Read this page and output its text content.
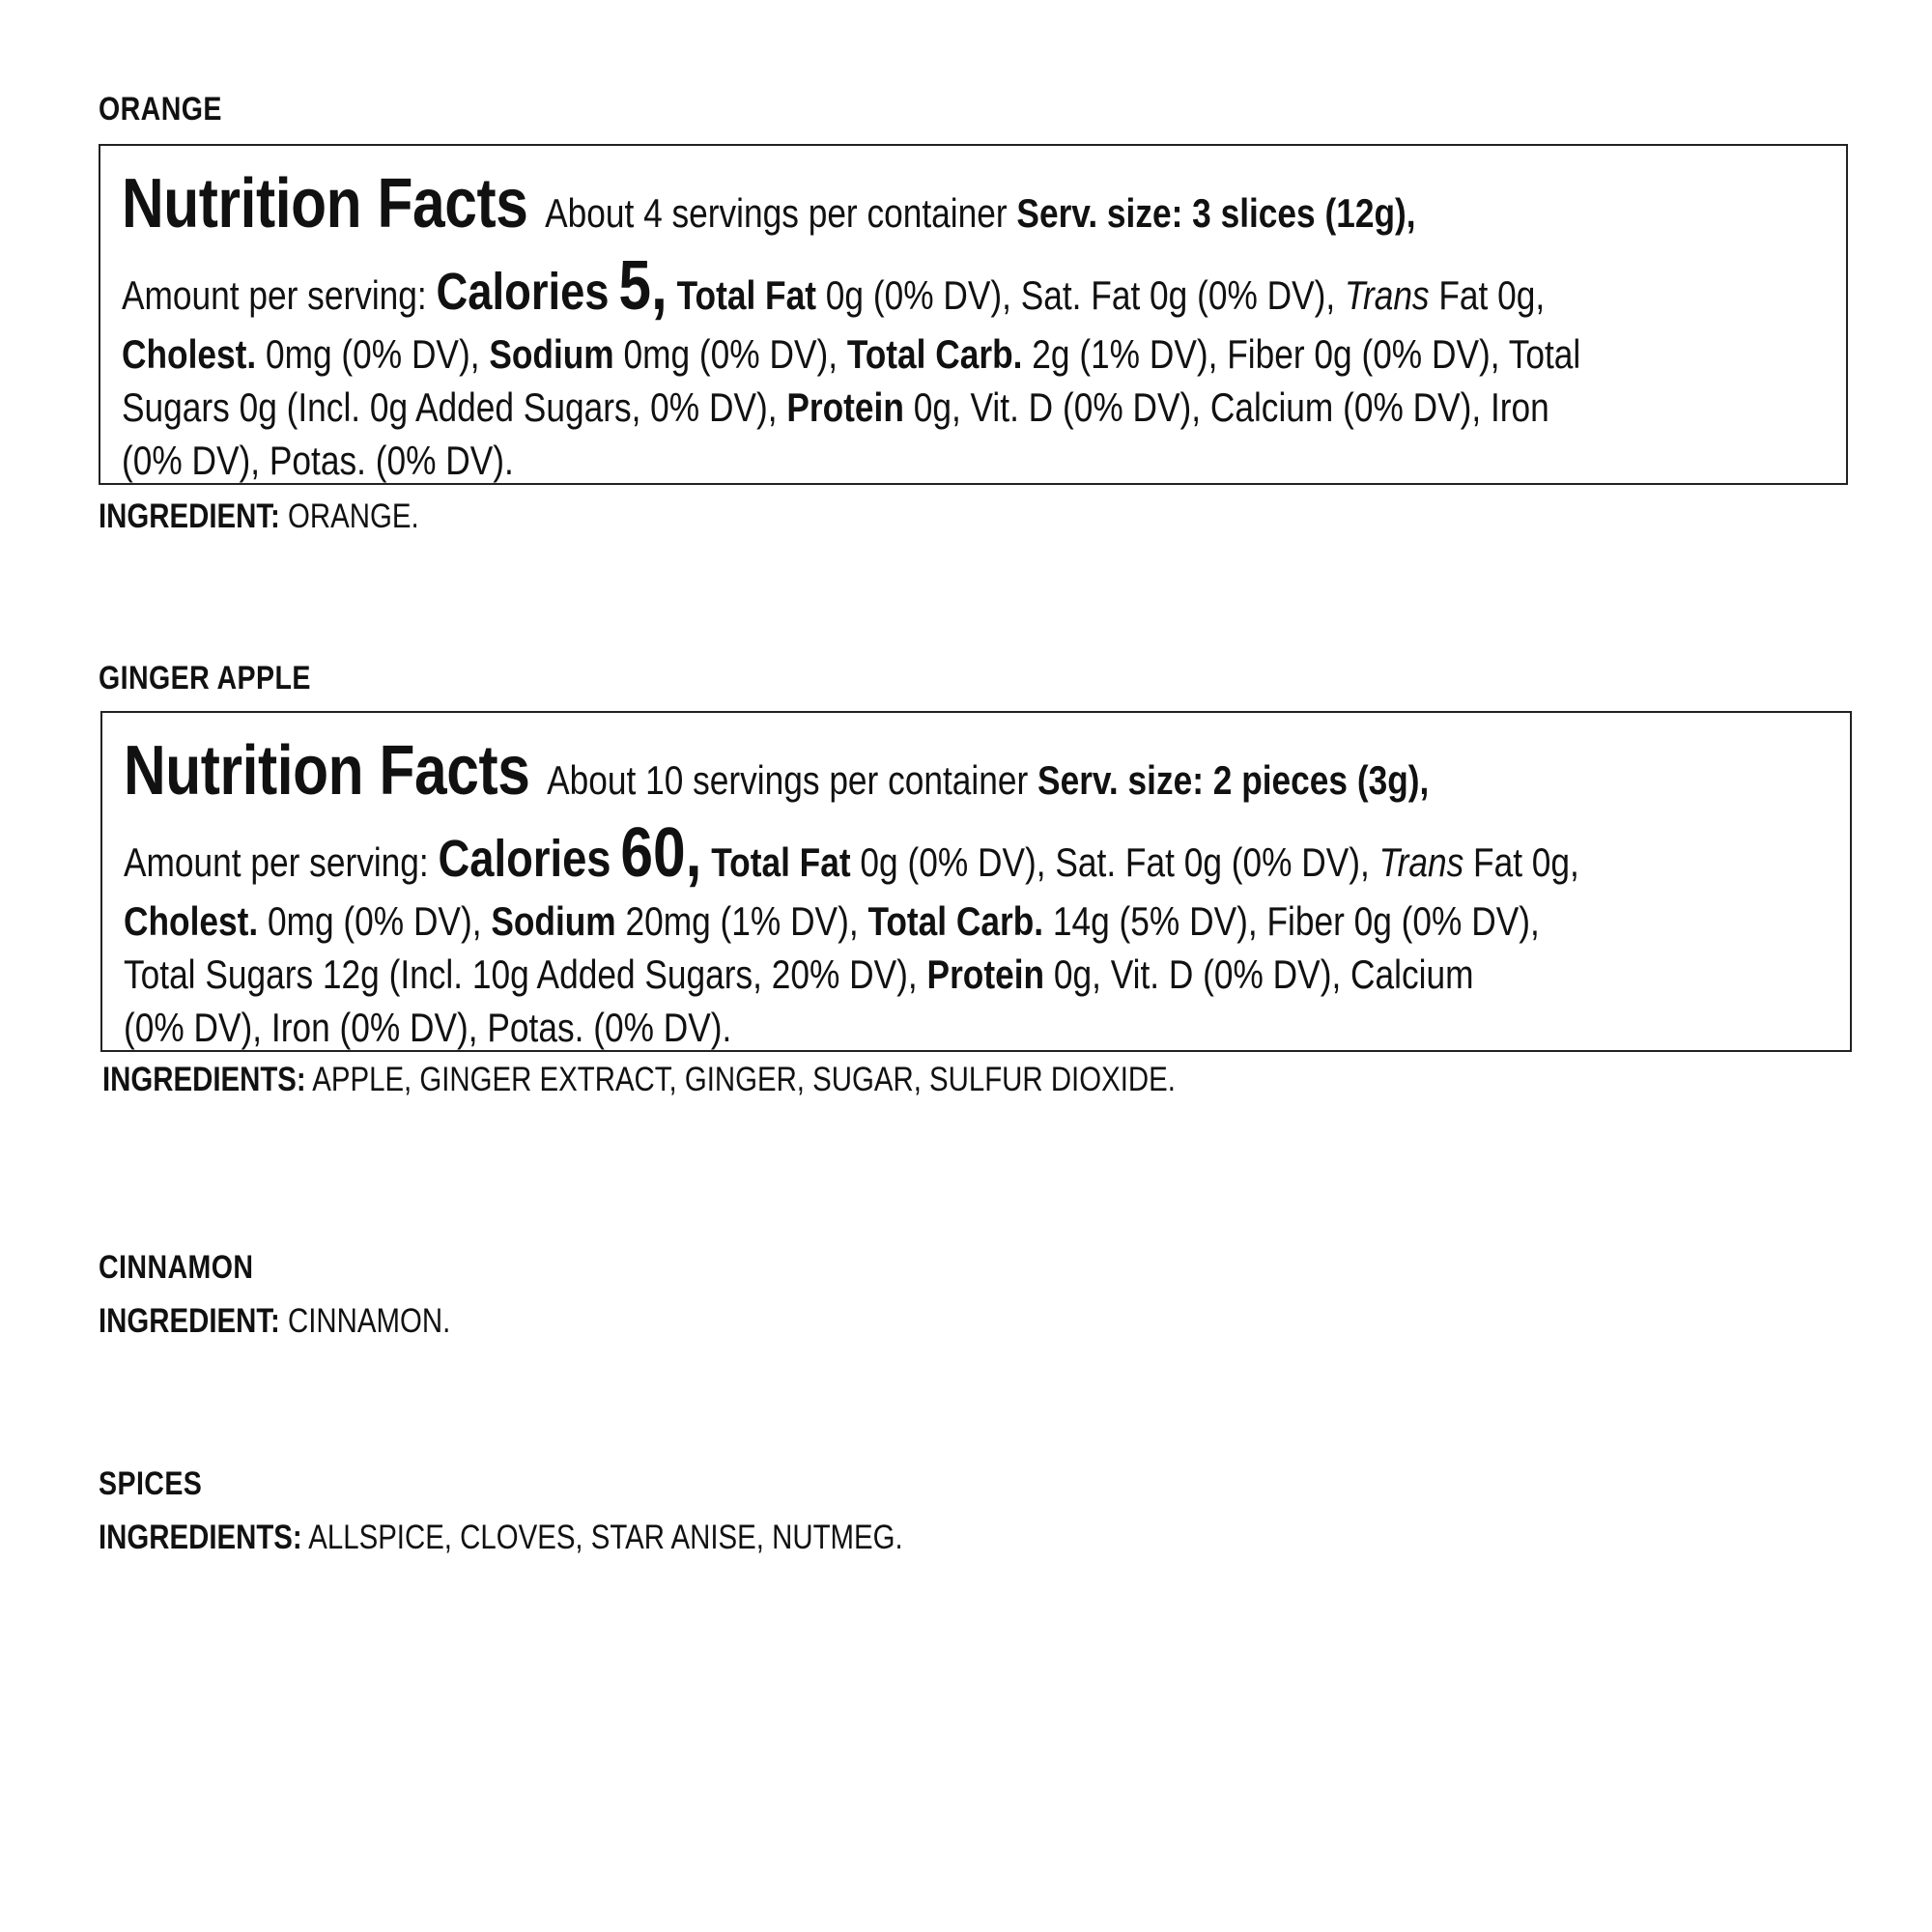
ORANGE
Nutrition Facts About 4 servings per container Serv. size: 3 slices (12g),
Amount per serving: Calories 5, Total Fat 0g (0% DV), Sat. Fat 0g (0% DV), Trans Fat 0g,
Cholest. 0mg (0% DV), Sodium 0mg (0% DV), Total Carb. 2g (1% DV), Fiber 0g (0% DV), Total
Sugars 0g (Incl. 0g Added Sugars, 0% DV), Protein 0g, Vit. D (0% DV), Calcium (0% DV), Iron
(0% DV), Potas. (0% DV).
INGREDIENT: ORANGE.
GINGER APPLE
Nutrition Facts About 10 servings per container Serv. size: 2 pieces (3g),
Amount per serving: Calories 60, Total Fat 0g (0% DV), Sat. Fat 0g (0% DV), Trans Fat 0g,
Cholest. 0mg (0% DV), Sodium 20mg (1% DV), Total Carb. 14g (5% DV), Fiber 0g (0% DV),
Total Sugars 12g (Incl. 10g Added Sugars, 20% DV), Protein 0g, Vit. D (0% DV), Calcium
(0% DV), Iron (0% DV), Potas. (0% DV).
INGREDIENTS: APPLE, GINGER EXTRACT, GINGER, SUGAR, SULFUR DIOXIDE.
CINNAMON
INGREDIENT: CINNAMON.
SPICES
INGREDIENTS: ALLSPICE, CLOVES, STAR ANISE, NUTMEG.
